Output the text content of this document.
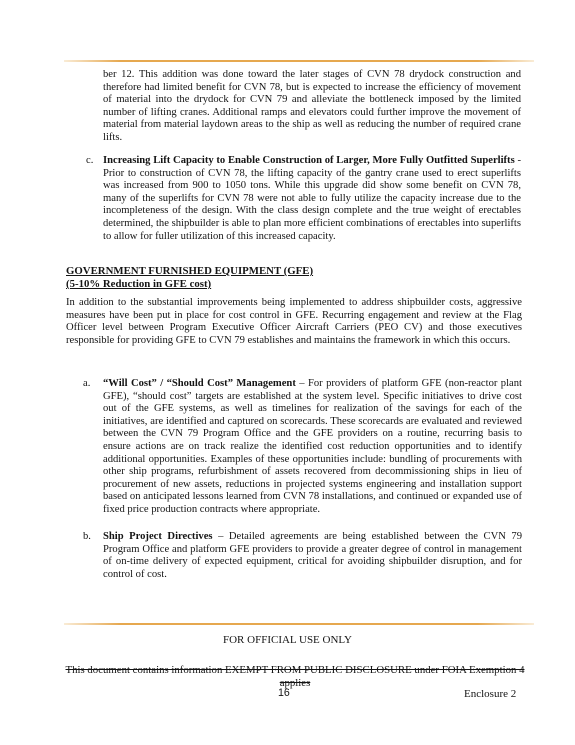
ber 12. This addition was done toward the later stages of CVN 78 drydock construction and therefore had limited benefit for CVN 78, but is expected to increase the efficiency of movement of material into the drydock for CVN 79 and alleviate the bottleneck imposed by the limited number of lifting cranes. Additional ramps and elevators could further improve the movement of material from material laydown areas to the ship as well as reducing the number of required crane lifts.

c. Increasing Lift Capacity to Enable Construction of Larger, More Fully Outfitted Superlifts - Prior to construction of CVN 78, the lifting capacity of the gantry crane used to erect superlifts was increased from 900 to 1050 tons. While this upgrade did show some benefit on CVN 78, many of the superlifts for CVN 78 were not able to fully utilize the capacity increase due to the incompleteness of the design. With the class design complete and the true weight of erectables determined, the shipbuilder is able to plan more efficient combinations of erectables into superlifts to allow for fuller utilization of this increased capacity.
GOVERNMENT FURNISHED EQUIPMENT (GFE)
(5-10% Reduction in GFE cost)

In addition to the substantial improvements being implemented to address shipbuilder costs, aggressive measures have been put in place for cost control in GFE. Recurring engagement and review at the Flag Officer level between Program Executive Officer Aircraft Carriers (PEO CV) and those executives responsible for providing GFE to CVN 79 establishes and maintains the framework in which this occurs.

a. “Will Cost” / “Should Cost” Management – For providers of platform GFE (non-reactor plant GFE), “should cost” targets are established at the system level. Specific initiatives to drive cost out of the GFE systems, as well as timelines for realization of the savings for each of the initiatives, are identified and captured on scorecards. These scorecards are evaluated and reviewed between the CVN 79 Program Office and the GFE providers on a routine, recurring basis to ensure actions are on track realize the identified cost reduction opportunities and to identify additional opportunities. Examples of these opportunities include: bundling of procurements with other ship programs, refurbishment of assets recovered from decommissioning ships in lieu of procurement of new assets, reductions in projected systems engineering and installation support based on anticipated lessons learned from CVN 78 installations, and continued or expanded use of fixed price production contracts where appropriate.
b. Ship Project Directives – Detailed agreements are being established between the CVN 79 Program Office and platform GFE providers to provide a greater degree of control in management of on-time delivery of expected equipment, critical for avoiding shipbuilder disruption, and for control of cost.
FOR OFFICIAL USE ONLY
This document contains information EXEMPT FROM PUBLIC DISCLOSURE under FOIA Exemption 4 applies
16	Enclosure 2
